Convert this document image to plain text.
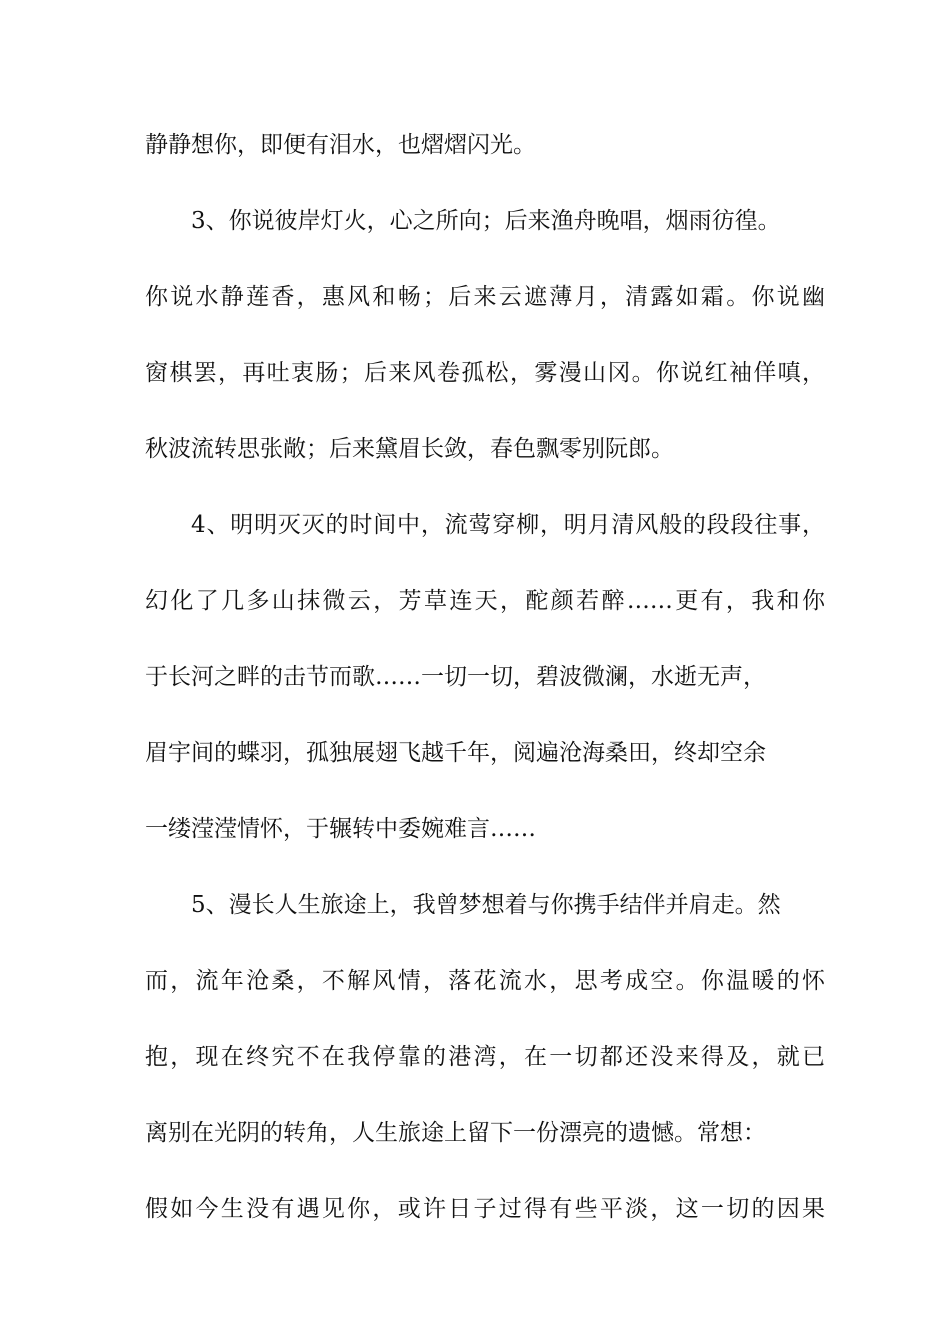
静静想你，即便有泪水，也熠熠闪光。

3、你说彼岸灯火，心之所向；后来渔舟晚唱，烟雨彷徨。

你说水静莲香，惠风和畅；后来云遮薄月，清露如霜。你说幽

窗棋罢，再吐衷肠；后来风卷孤松，雾漫山冈。你说红袖佯嗔，

秋波流转思张敞；后来黛眉长敛，春色飘零别阮郎。

4、明明灭灭的时间中，流莺穿柳，明月清风般的段段往事，

幻化了几多山抹微云，芳草连天，酡颜若醉……更有，我和你

于长河之畔的击节而歌……一切一切，碧波微澜，水逝无声，

眉宇间的蝶羽，孤独展翅飞越千年，阅遍沧海桑田，终却空余

一缕滢滢情怀，于辗转中委婉难言……

5、漫长人生旅途上，我曾梦想着与你携手结伴并肩走。然

而，流年沧桑，不解风情，落花流水，思考成空。你温暖的怀

抱，现在终究不在我停靠的港湾，在一切都还没来得及，就已

离别在光阴的转角，人生旅途上留下一份漂亮的遗憾。常想：

假如今生没有遇见你，或许日子过得有些平淡，这一切的因果
